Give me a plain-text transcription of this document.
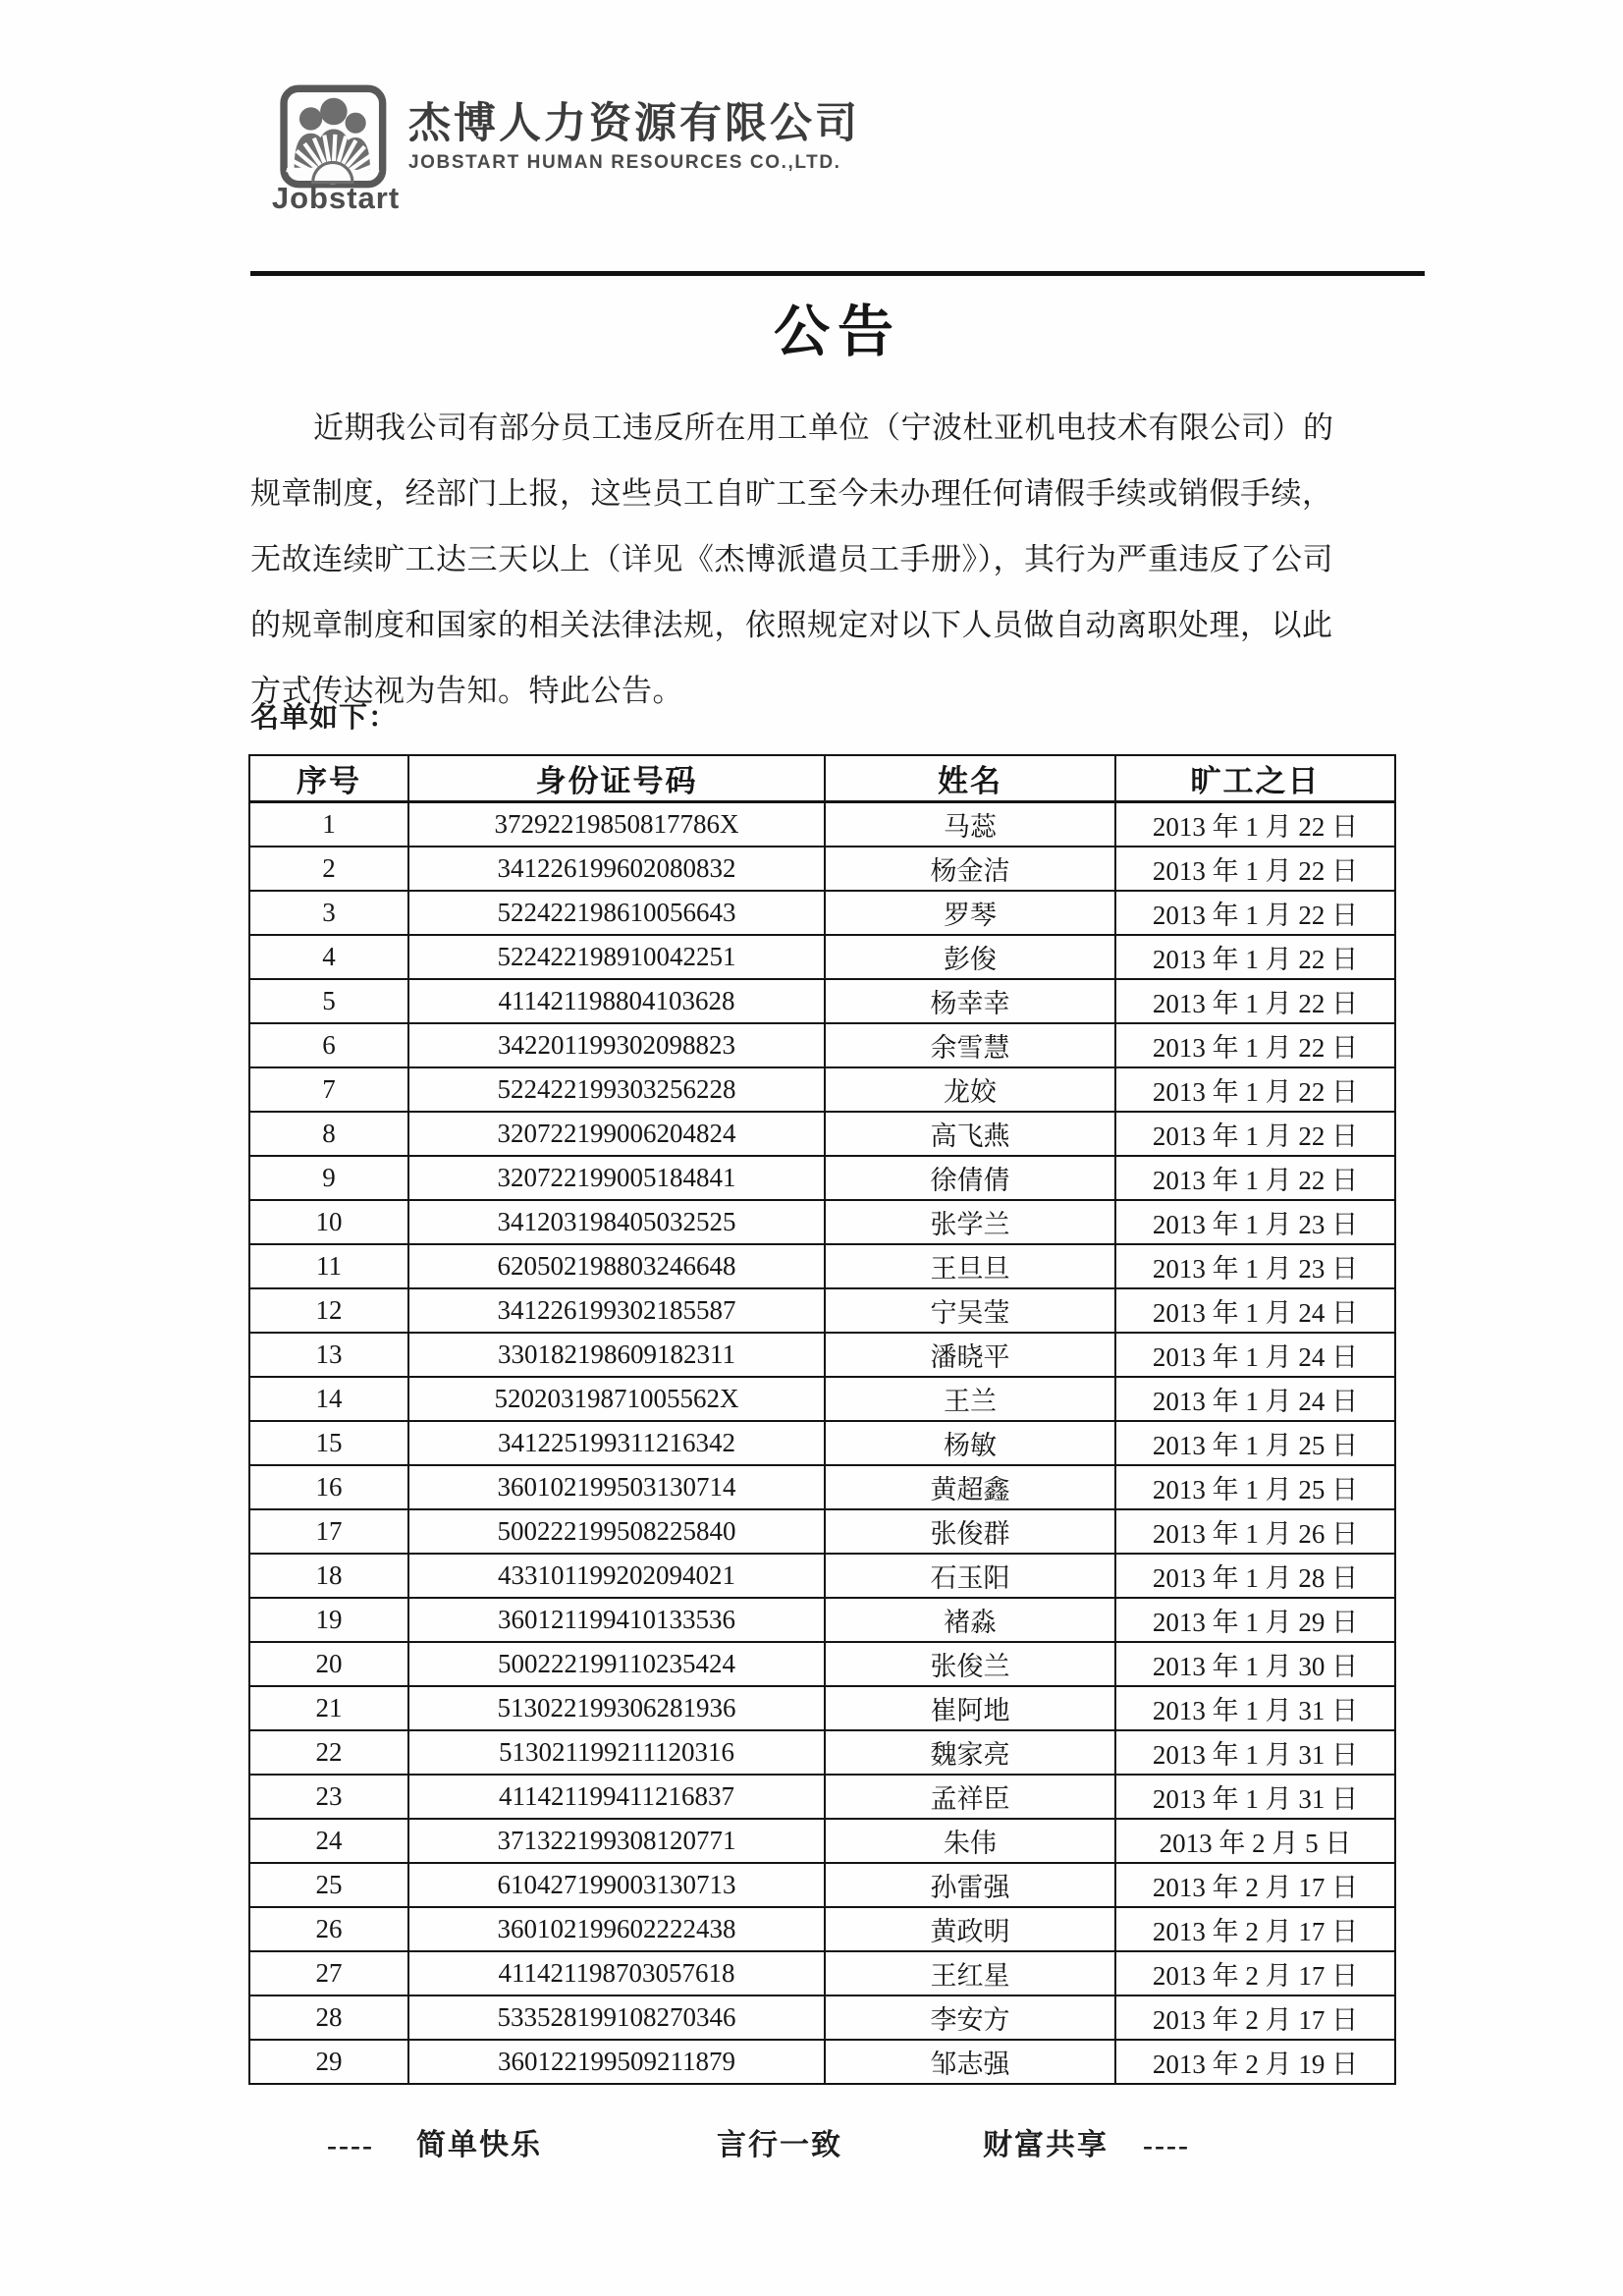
Jobstart
杰博人力资源有限公司
JOBSTART HUMAN RESOURCES CO.,LTD.
公告
近期我公司有部分员工违反所在用工单位（宁波杜亚机电技术有限公司）的
规章制度，经部门上报，这些员工自旷工至今未办理任何请假手续或销假手续，
无故连续旷工达三天以上（详见《杰博派遣员工手册》），其行为严重违反了公司
的规章制度和国家的相关法律法规，依照规定对以下人员做自动离职处理，以此
方式传达视为告知。特此公告。
名单如下：
序号	身份证号码	姓名	旷工之日
1	37292219850817786X	马蕊	2013 年 1 月 22 日
2	341226199602080832	杨金洁	2013 年 1 月 22 日
3	522422198610056643	罗琴	2013 年 1 月 22 日
4	522422198910042251	彭俊	2013 年 1 月 22 日
5	411421198804103628	杨幸幸	2013 年 1 月 22 日
6	342201199302098823	余雪慧	2013 年 1 月 22 日
7	522422199303256228	龙姣	2013 年 1 月 22 日
8	320722199006204824	高飞燕	2013 年 1 月 22 日
9	320722199005184841	徐倩倩	2013 年 1 月 22 日
10	341203198405032525	张学兰	2013 年 1 月 23 日
11	620502198803246648	王旦旦	2013 年 1 月 23 日
12	341226199302185587	宁吴莹	2013 年 1 月 24 日
13	330182198609182311	潘晓平	2013 年 1 月 24 日
14	52020319871005562X	王兰	2013 年 1 月 24 日
15	341225199311216342	杨敏	2013 年 1 月 25 日
16	360102199503130714	黄超鑫	2013 年 1 月 25 日
17	500222199508225840	张俊群	2013 年 1 月 26 日
18	433101199202094021	石玉阳	2013 年 1 月 28 日
19	360121199410133536	褚淼	2013 年 1 月 29 日
20	500222199110235424	张俊兰	2013 年 1 月 30 日
21	513022199306281936	崔阿地	2013 年 1 月 31 日
22	513021199211120316	魏家亮	2013 年 1 月 31 日
23	411421199411216837	孟祥臣	2013 年 1 月 31 日
24	371322199308120771	朱伟	2013 年 2 月 5 日
25	610427199003130713	孙雷强	2013 年 2 月 17 日
26	360102199602222438	黄政明	2013 年 2 月 17 日
27	411421198703057618	王红星	2013 年 2 月 17 日
28	533528199108270346	李安方	2013 年 2 月 17 日
29	360122199509211879	邹志强	2013 年 2 月 19 日
---- 简单快乐	言行一致	财富共享 ----
